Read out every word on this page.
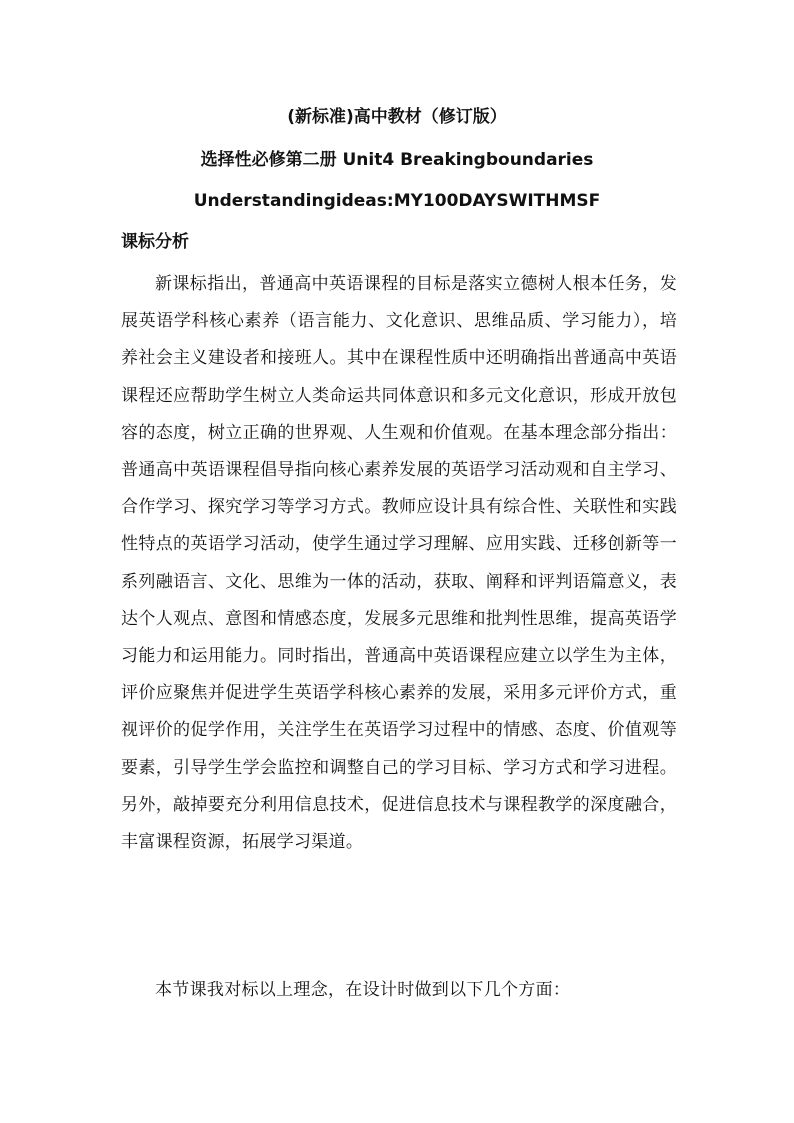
(新标准)高中教材（修订版）
选择性必修第二册 Unit4 Breakingboundaries
Understandingideas:MY100DAYSWITHMSF
课标分析
新课标指出，普通高中英语课程的目标是落实立德树人根本任务，发展英语学科核心素养（语言能力、文化意识、思维品质、学习能力），培养社会主义建设者和接班人。其中在课程性质中还明确指出普通高中英语课程还应帮助学生树立人类命运共同体意识和多元文化意识，形成开放包容的态度，树立正确的世界观、人生观和价值观。在基本理念部分指出：普通高中英语课程倡导指向核心素养发展的英语学习活动观和自主学习、合作学习、探究学习等学习方式。教师应设计具有综合性、关联性和实践性特点的英语学习活动，使学生通过学习理解、应用实践、迁移创新等一系列融语言、文化、思维为一体的活动，获取、阐释和评判语篇意义，表达个人观点、意图和情感态度，发展多元思维和批判性思维，提高英语学习能力和运用能力。同时指出，普通高中英语课程应建立以学生为主体，评价应聚焦并促进学生英语学科核心素养的发展，采用多元评价方式，重视评价的促学作用，关注学生在英语学习过程中的情感、态度、价值观等要素，引导学生学会监控和调整自己的学习目标、学习方式和学习进程。另外，敲掉要充分利用信息技术，促进信息技术与课程教学的深度融合，丰富课程资源，拓展学习渠道。
本节课我对标以上理念，在设计时做到以下几个方面：
